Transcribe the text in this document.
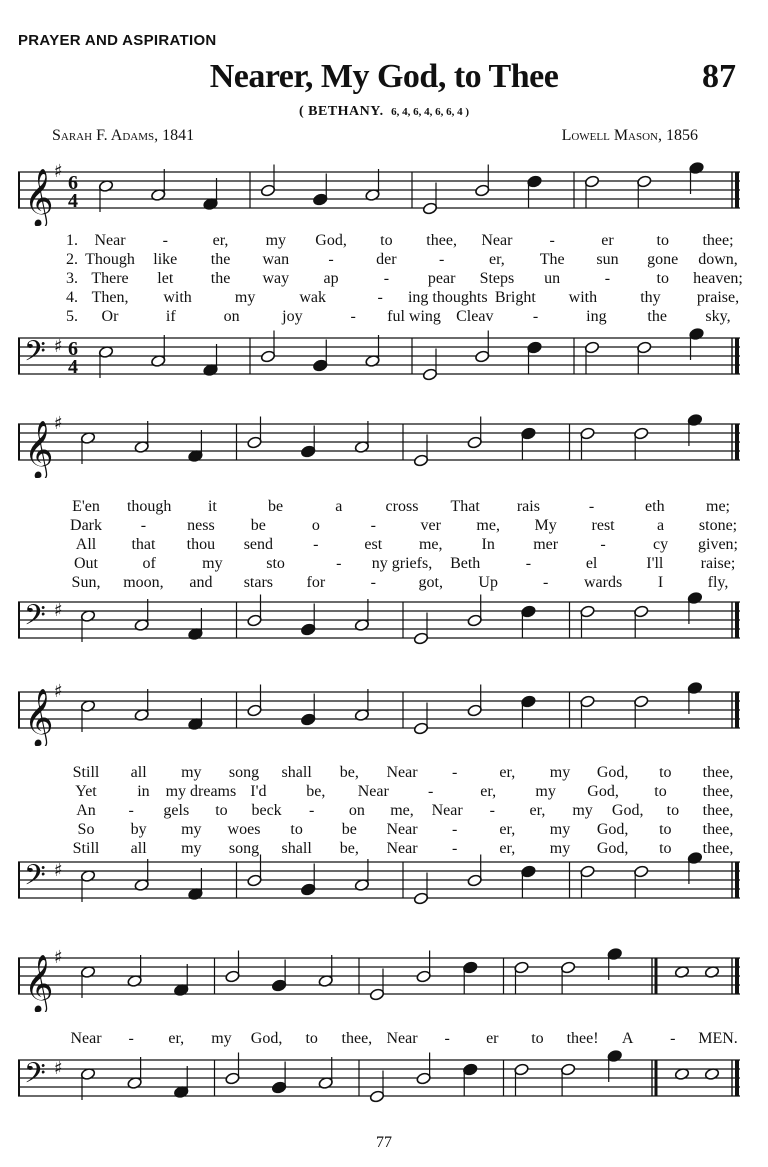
PRAYER AND ASPIRATION
Nearer, My God, to Thee	87
( BETHANY. 6, 4, 6, 4, 6, 6, 4 )
Sarah F. Adams, 1841	Lowell Mason, 1856
𝄞 ♯
6
4
1. Near -	er, my God, to thee, Near -	er	to thee;
2. Though like the wan -	der	-	er, The sun gone down,
3. There let the way ap	- pear Steps un	-	to heaven;
4. Then, with	my	wak	- ing thoughts Bright with	thy praise,
5. Or	if	on	joy	- ful wing Cleav -	ing	the sky,
𝄢 ♯ 6
4
𝄞 ♯
E'en though it	be	a	cross That rais	-	eth	me;
Dark -	ness be	o	-	ver me, My rest	a stone;
All that thou send	-	est me, In mer	-	cy given;
Out	of	my	sto	- ny griefs, Beth	-	el	I'll raise;
Sun, moon, and stars for	-	got, Up	- wards I	fly,
𝄢 ♯
𝄞 ♯
Still all my song shall be, Near -	er, my God, to thee,
Yet	in my dreams I'd be, Near -	er, my God, to thee,
An - gels to beck - on me, Near - er, my God, to thee,
So by my woes to be Near -	er, my God, to thee,
Still all my song shall be, Near -	er, my God, to thee,
𝄢 ♯
𝄞 ♯
Near - er, my God, to thee, Near - er to thee! A - MEN.
𝄢 ♯
77
